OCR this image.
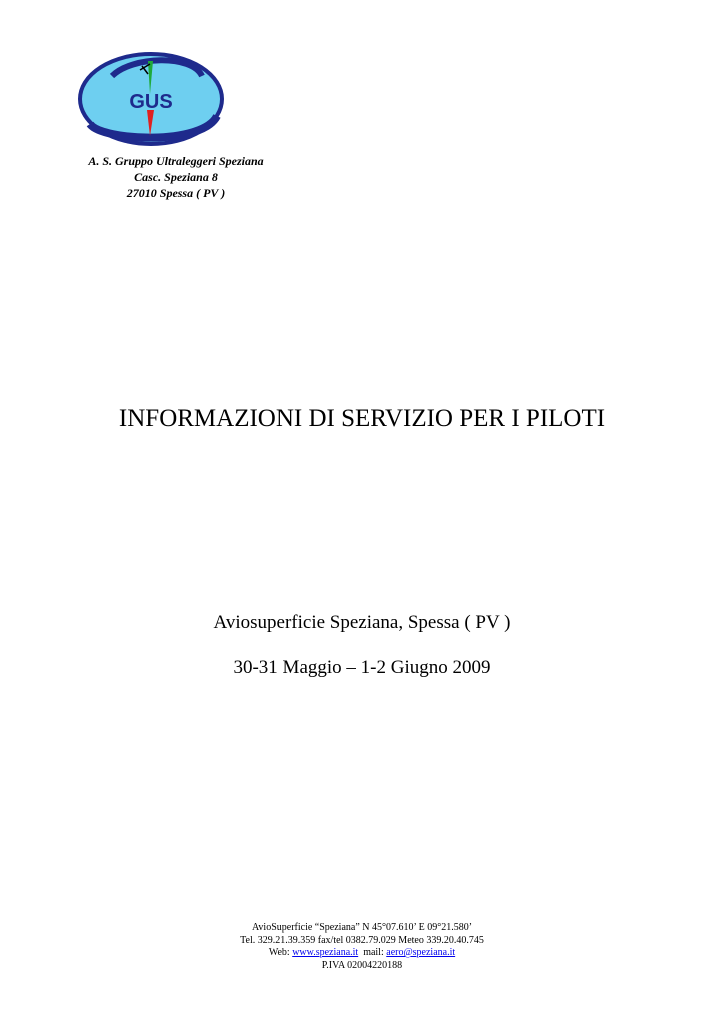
GUS
A. S. Gruppo Ultraleggeri Speziana
Casc. Speziana 8
27010 Spessa ( PV )
INFORMAZIONI DI SERVIZIO PER I PILOTI
Aviosuperficie Speziana, Spessa ( PV )
30-31 Maggio – 1-2 Giugno 2009
AvioSuperficie “Speziana” N 45°07.610’ E 09°21.580’
Tel. 329.21.39.359 fax/tel 0382.79.029 Meteo 339.20.40.745
Web: www.speziana.it  mail: aero@speziana.it
P.IVA 02004220188
